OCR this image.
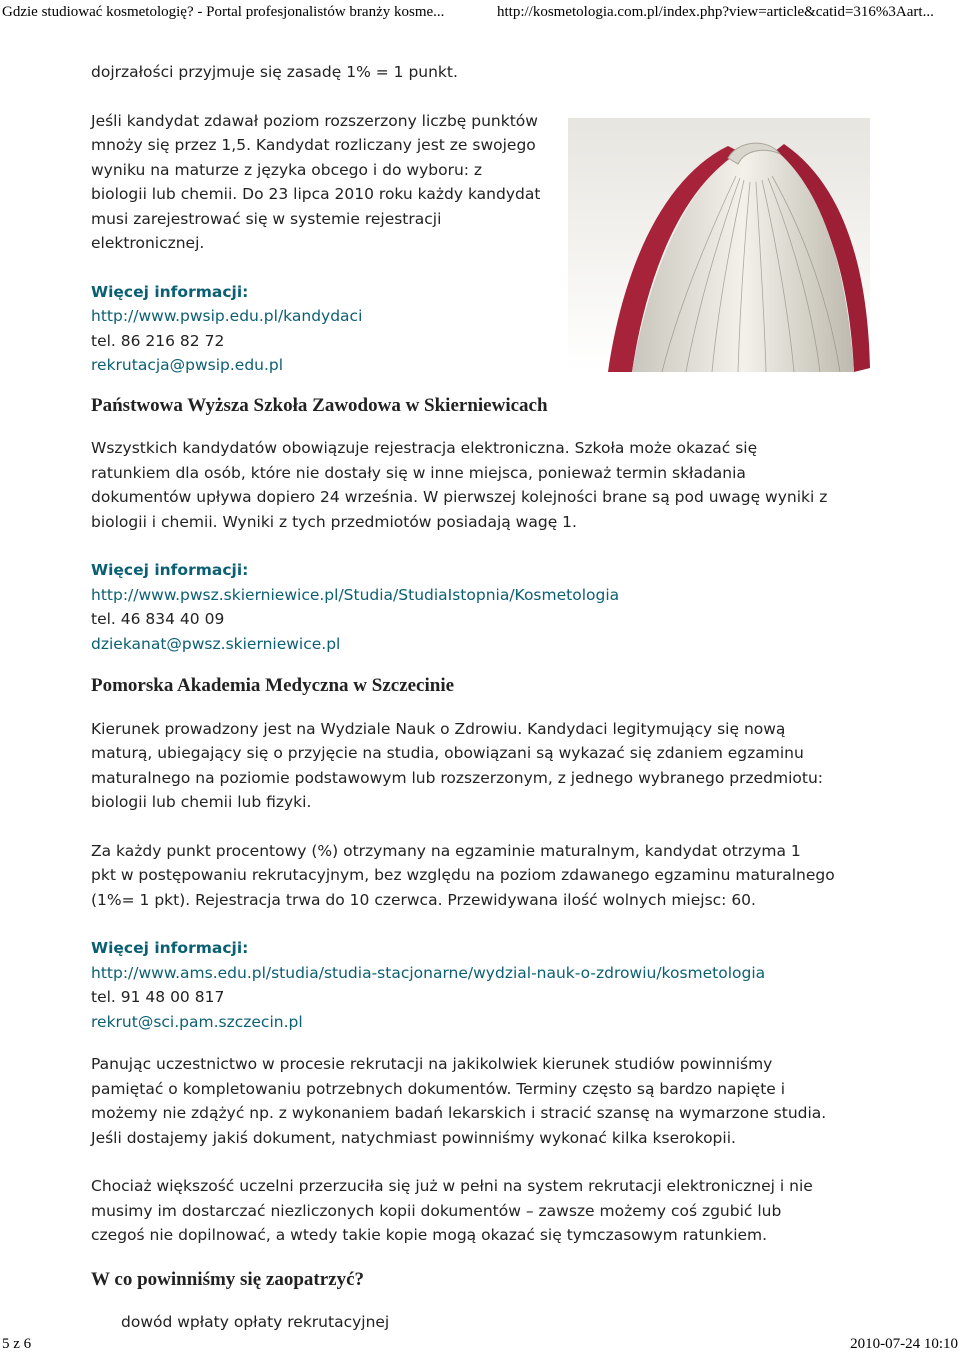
Gdzie studiować kosmetologię? - Portal profesjonalistów branży kosme...	http://kosmetologia.com.pl/index.php?view=article&catid=316%3Aart...

dojrzałości przyjmuje się zasadę 1% = 1 punkt.

Jeśli kandydat zdawał poziom rozszerzony liczbę punktów
mnoży się przez 1,5. Kandydat rozliczany jest ze swojego
wyniku na maturze z języka obcego i do wyboru: z
biologii lub chemii. Do 23 lipca 2010 roku każdy kandydat
musi zarejestrować się w systemie rejestracji
elektronicznej.
Więcej informacji:
http://www.pwsip.edu.pl/kandydaci
tel. 86 216 82 72
rekrutacja@pwsip.edu.pl
Państwowa Wyższa Szkoła Zawodowa w Skierniewicach
Wszystkich kandydatów obowiązuje rejestracja elektroniczna. Szkoła może okazać się
ratunkiem dla osób, które nie dostały się w inne miejsca, ponieważ termin składania
dokumentów upływa dopiero 24 września. W pierwszej kolejności brane są pod uwagę wyniki z
biologii i chemii. Wyniki z tych przedmiotów posiadają wagę 1.
Więcej informacji:
http://www.pwsz.skierniewice.pl/Studia/StudiaIstopnia/Kosmetologia
tel. 46 834 40 09
dziekanat@pwsz.skierniewice.pl
Pomorska Akademia Medyczna w Szczecinie
Kierunek prowadzony jest na Wydziale Nauk o Zdrowiu. Kandydaci legitymujący się nową
maturą, ubiegający się o przyjęcie na studia, obowiązani są wykazać się zdaniem egzaminu
maturalnego na poziomie podstawowym lub rozszerzonym, z jednego wybranego przedmiotu:
biologii lub chemii lub fizyki.
Za każdy punkt procentowy (%) otrzymany na egzaminie maturalnym, kandydat otrzyma 1
pkt w postępowaniu rekrutacyjnym, bez względu na poziom zdawanego egzaminu maturalnego
(1%= 1 pkt). Rejestracja trwa do 10 czerwca. Przewidywana ilość wolnych miejsc: 60.
Więcej informacji:
http://www.ams.edu.pl/studia/studia-stacjonarne/wydzial-nauk-o-zdrowiu/kosmetologia
tel. 91 48 00 817
rekrut@sci.pam.szczecin.pl
Panując uczestnictwo w procesie rekrutacji na jakikolwiek kierunek studiów powinniśmy
pamiętać o kompletowaniu potrzebnych dokumentów. Terminy często są bardzo napięte i
możemy nie zdążyć np. z wykonaniem badań lekarskich i stracić szansę na wymarzone studia.
Jeśli dostajemy jakiś dokument, natychmiast powinniśmy wykonać kilka kserokopii.
Chociaż większość uczelni przerzuciła się już w pełni na system rekrutacji elektronicznej i nie
musimy im dostarczać niezliczonych kopii dokumentów – zawsze możemy coś zgubić lub
czegoś nie dopilnować, a wtedy takie kopie mogą okazać się tymczasowym ratunkiem.
W co powinniśmy się zaopatrzyć?
dowód wpłaty opłaty rekrutacyjnej
5 z 6	2010-07-24 10:10
